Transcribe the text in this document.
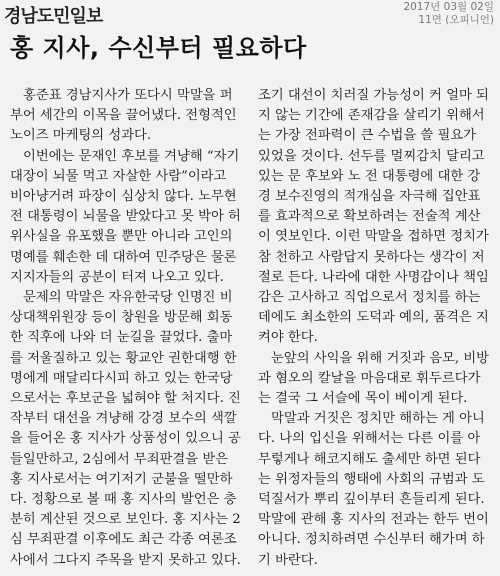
경남도민일보	2017년 03월 02일
11면 (오피니언)
홍 지사, 수신부터 필요하다
홍준표 경남지사가 또다시 막말을 퍼
부어 세간의 이목을 끌어냈다. 전형적인
노이즈 마케팅의 성과다.
이번에는 문재인 후보를 겨냥해 “자기
대장이 뇌물 먹고 자살한 사람”이라고
비아냥거려 파장이 심상치 않다. 노무현
전 대통령이 뇌물을 받았다고 못 박아 허
위사실을 유포했을 뿐만 아니라 고인의
명예를 훼손한 데 대하여 민주당은 물론
지지자들의 공분이 터져 나오고 있다.
문제의 막말은 자유한국당 인명진 비
상대책위원장 등이 창원을 방문해 회동
한 직후에 나와 더 눈길을 끌었다. 출마
를 저울질하고 있는 황교안 권한대행 한
명에게 매달리다시피 하고 있는 한국당
으로서는 후보군을 넓혀야 할 처지다. 진
작부터 대선을 겨냥해 강경 보수의 색깔
을 들어온 홍 지사가 상품성이 있으니 공
들일만하고, 2심에서 무죄판결을 받은
홍 지사로서는 여기저기 군불을 떨만하
다. 정황으로 볼 때 홍 지사의 발언은 충
분히 계산된 것으로 보인다. 홍 지사는 2
심 무죄판결 이후에도 최근 각종 여론조
사에서 그다지 주목을 받지 못하고 있다.
조기 대선이 치러질 가능성이 커 얼마 되
지 않는 기간에 존재감을 살리기 위해서
는 가장 전파력이 큰 수법을 쓸 필요가
있었을 것이다. 선두를 멀찌감치 달리고
있는 문 후보와 노 전 대통령에 대한 강
경 보수진영의 적개심을 자극해 집안표
를 효과적으로 확보하려는 전술적 계산
이 엿보인다. 이런 막말을 접하면 정치가
참 천하고 사람답지 못하다는 생각이 저
절로 든다. 나라에 대한 사명감이나 책임
감은 고사하고 직업으로서 정치를 하는
데에도 최소한의 도덕과 예의, 품격은 지
켜야 한다.
눈앞의 사익을 위해 거짓과 음모, 비방
과 혐오의 칼날을 마음대로 휘두르다가
는 결국 그 서슬에 목이 베이게 된다.
막말과 거짓은 정치만 해하는 게 아니
다. 나의 입신을 위해서는 다른 이를 아
무렇게나 해코지해도 출세만 하면 된다
는 위정자들의 행태에 사회의 규범과 도
덕질서가 뿌리 깊이부터 흔들리게 된다.
막말에 관해 홍 지사의 전과는 한두 번이
아니다. 정치하려면 수신부터 해가며 하
기 바란다.
